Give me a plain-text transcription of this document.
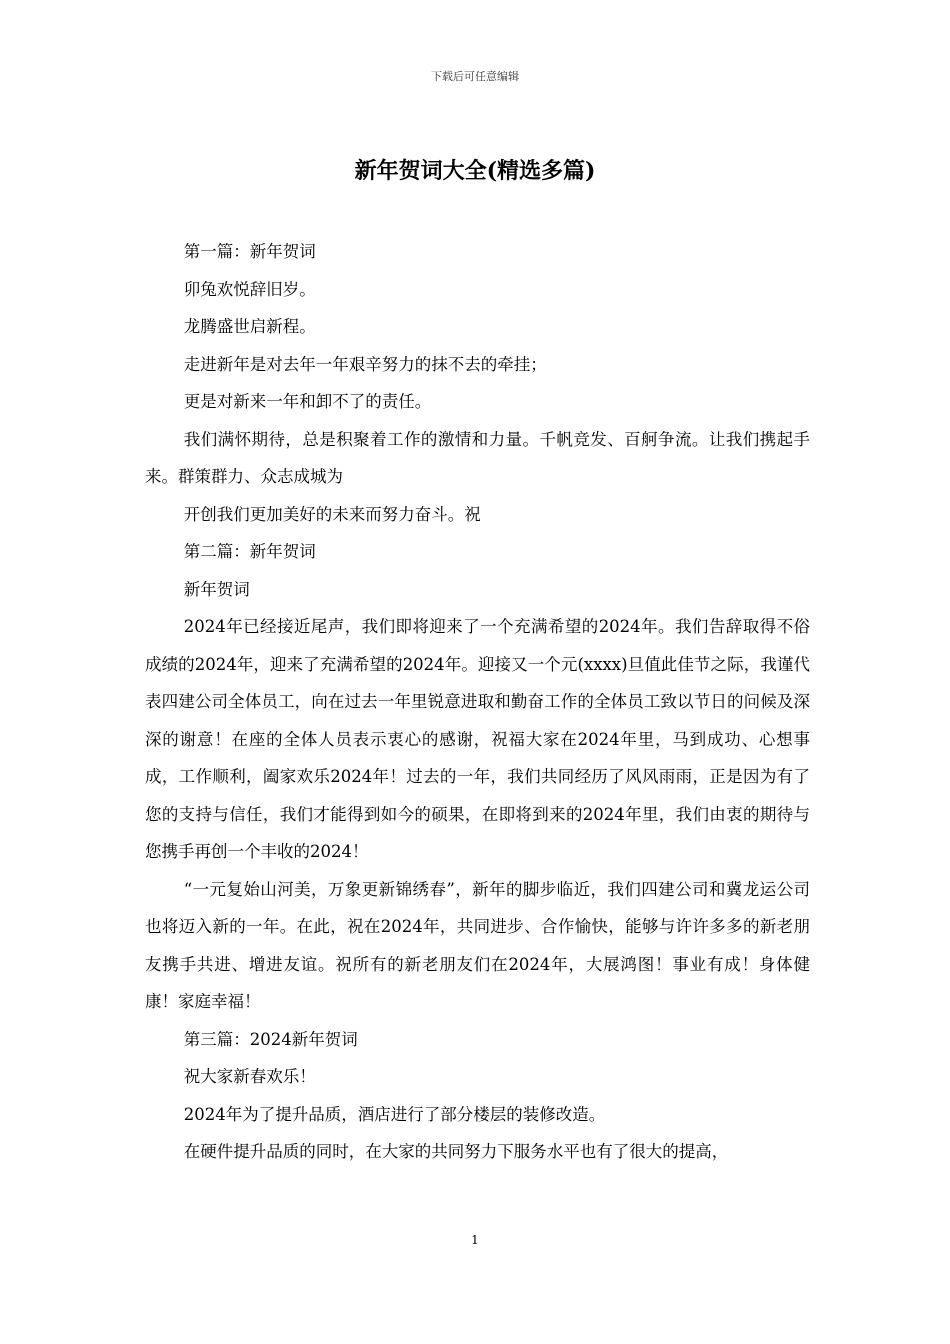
下载后可任意编辑
新年贺词大全(精选多篇)

第一篇：新年贺词

卯兔欢悦辞旧岁。

龙腾盛世启新程。

走进新年是对去年一年艰辛努力的抹不去的牵挂；

更是对新来一年和卸不了的责任。

我们满怀期待，总是积聚着工作的激情和力量。千帆竞发、百舸争流。让我们携起手来。群策群力、众志成城为

开创我们更加美好的未来而努力奋斗。祝

第二篇：新年贺词

新年贺词

2024年已经接近尾声，我们即将迎来了一个充满希望的2024年。我们告辞取得不俗成绩的2024年，迎来了充满希望的2024年。迎接又一个元(xxxx)旦值此佳节之际，我谨代表四建公司全体员工，向在过去一年里锐意进取和勤奋工作的全体员工致以节日的问候及深深的谢意！在座的全体人员表示衷心的感谢，祝福大家在2024年里，马到成功、心想事成，工作顺利，阖家欢乐2024年！过去的一年，我们共同经历了风风雨雨，正是因为有了您的支持与信任，我们才能得到如今的硕果，在即将到来的2024年里，我们由衷的期待与您携手再创一个丰收的2024！

“一元复始山河美，万象更新锦绣春”，新年的脚步临近，我们四建公司和冀龙运公司也将迈入新的一年。在此，祝在2024年，共同进步、合作愉快，能够与许许多多的新老朋友携手共进、增进友谊。祝所有的新老朋友们在2024年，大展鸿图！事业有成！身体健康！家庭幸福！

第三篇：2024新年贺词

祝大家新春欢乐！

2024年为了提升品质，酒店进行了部分楼层的装修改造。

在硬件提升品质的同时，在大家的共同努力下服务水平也有了很大的提高，

1
